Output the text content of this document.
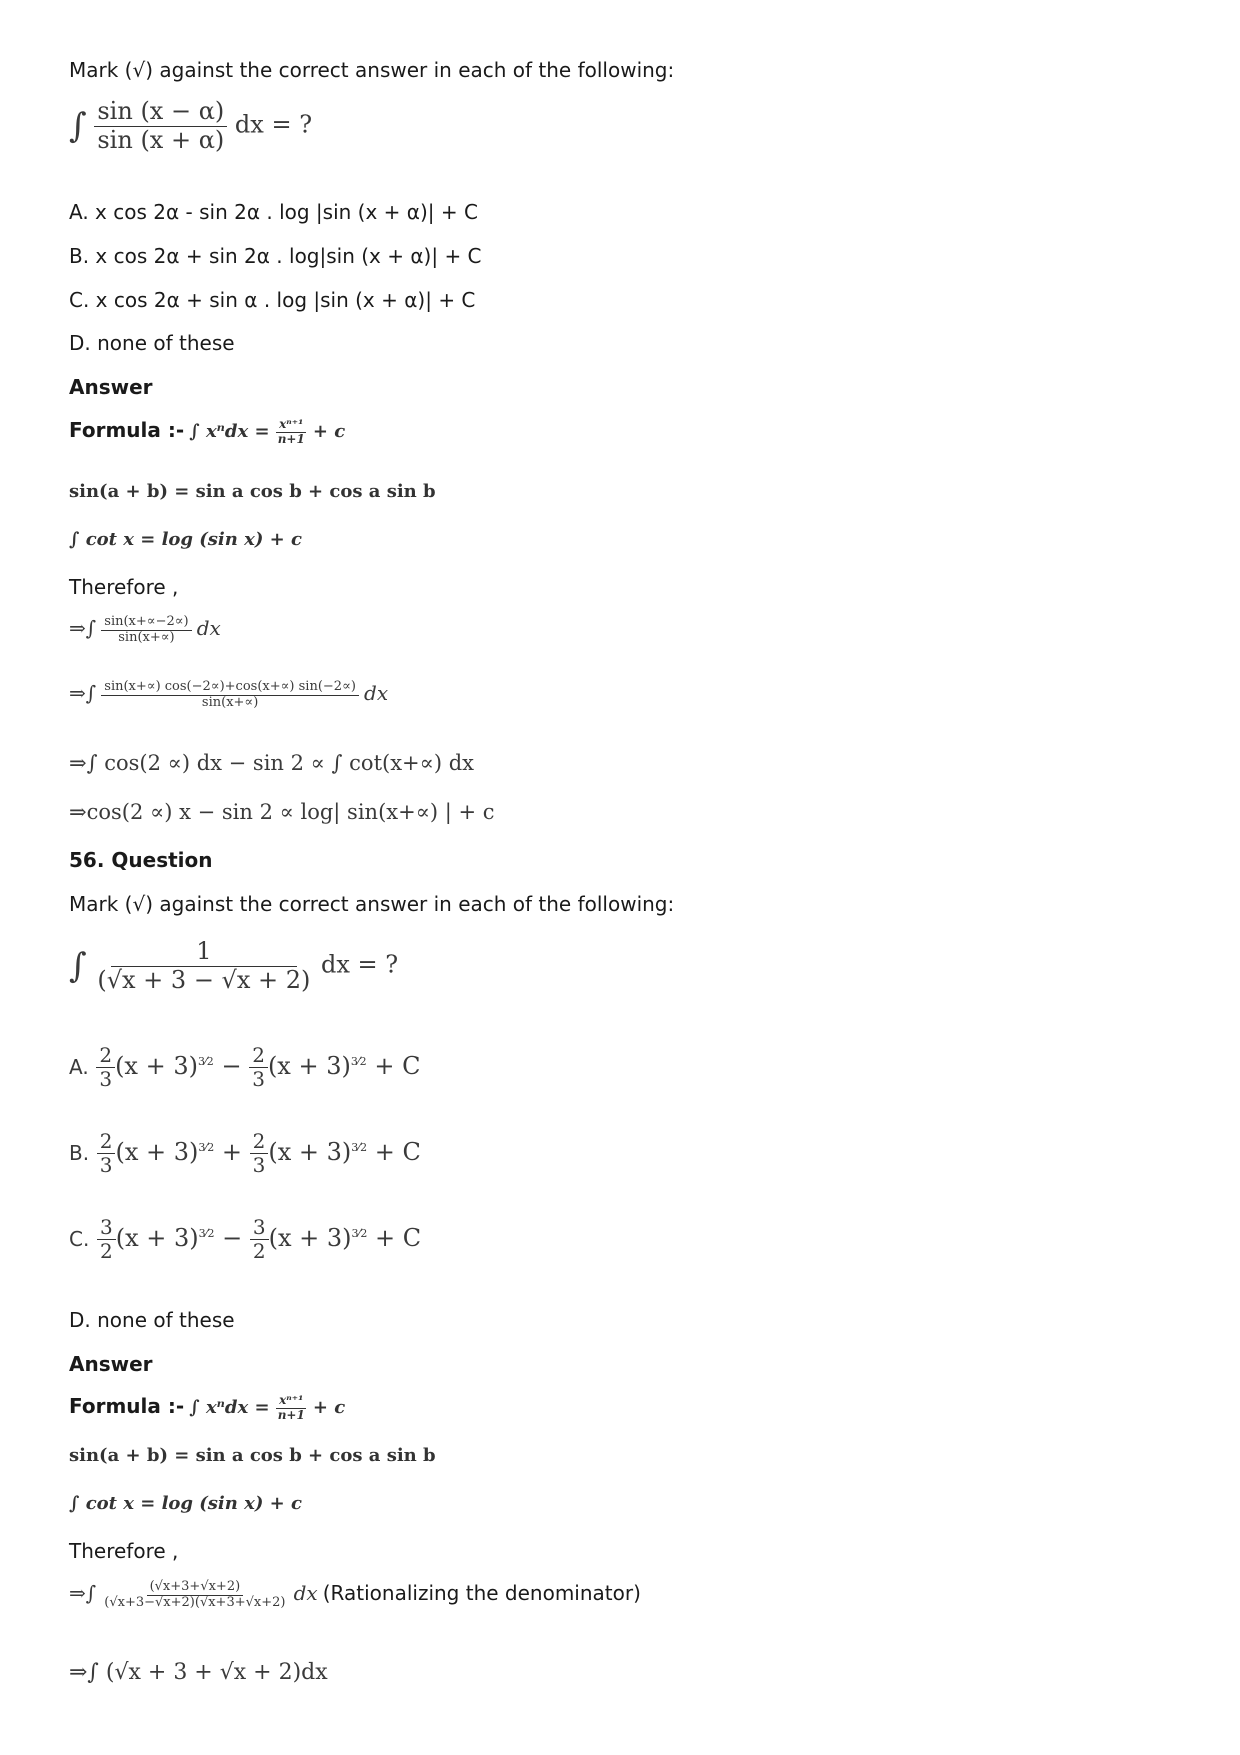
Mark (√) against the correct answer in each of the following:
∫ $\frac{\sin (x - \alpha)}{\sin (x + \alpha)}$ dx = ?
A. x cos 2α - sin 2α . log |sin (x + α)| + C
B. x cos 2α + sin 2α . log|sin (x + α)| + C
C. x cos 2α + sin α . log |sin (x + α)| + C
D. none of these
Answer
Formula :- ∫ $x^ndx = \frac{\text{xⁿ⁺¹}}{n+1} + c$
sin(a + b) = sin a cos b + cos a sin b
∫ cot x = log (sin x) + c
Therefore ,
⇒∫ $\frac{\sin(x+\propto-2\propto)}{\sin(x+\propto)}$ dx
⇒∫ $\frac{\sin(x+\propto) \cos(-2\propto)+\cos(x+\propto) \sin(-2\propto)}{\sin(x+\propto)}$ dx
⇒∫ cos(2 ∝) dx − sin 2 ∝ ∫ cot(x+∝) dx
⇒cos(2 ∝) x − sin 2 ∝ log| sin(x+∝) | + c
56. Question
Mark (√) against the correct answer in each of the following:
∫ $\frac{1}{(√x + 3 - √x + 2)}$ dx = ?
A. $\frac{2}{3} (x + 3)^{3⁄2} - \frac{2}{3} (x + 3)^{3⁄2} + C$
B. $\frac{2}{3} (x + 3)^{3⁄2} + \frac{2}{3} (x + 3)^{3⁄2} + C$
C. $\frac{3}{2} (x + 3)^{3⁄2} - \frac{3}{2} (x + 3)^{3⁄2} + C$
D. none of these
Answer
Formula :- ∫ $x^ndx = \frac{\text{xⁿ⁺¹}}{n+1} + c$
sin(a + b) = sin a cos b + cos a sin b
∫ cot x = log (sin x) + c
Therefore ,
⇒∫ $\frac{(√x+3+√x+2)}{(√x+3-√x+2)(√x+3+√x+2)}$ dx (Rationalizing the denominator)
⇒∫ (√x + 3 + √x + 2)dx
